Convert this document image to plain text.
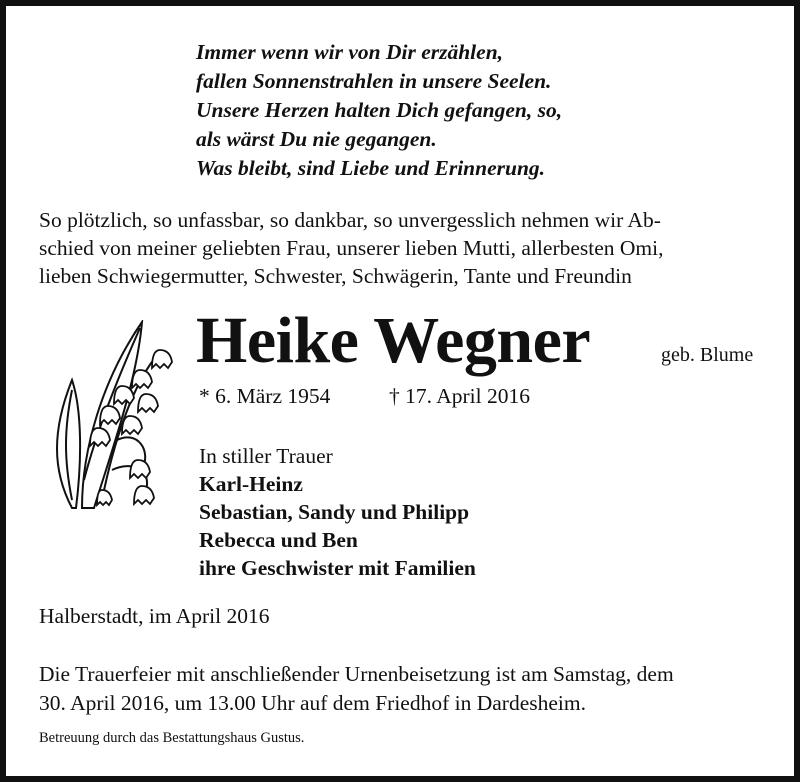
Immer wenn wir von Dir erzählen,
fallen Sonnenstrahlen in unsere Seelen.
Unsere Herzen halten Dich gefangen, so,
als wärst Du nie gegangen.
Was bleibt, sind Liebe und Erinnerung.
So plötzlich, so unfassbar, so dankbar, so unvergesslich nehmen wir Ab-
schied von meiner geliebten Frau, unserer lieben Mutti, allerbesten Omi,
lieben Schwiegermutter, Schwester, Schwägerin, Tante und Freundin
Heike Wegner	geb. Blume
* 6. März 1954	† 17. April 2016
In stiller Trauer
Karl-Heinz
Sebastian, Sandy und Philipp
Rebecca und Ben
ihre Geschwister mit Familien
Halberstadt, im April 2016
Die Trauerfeier mit anschließender Urnenbeisetzung ist am Samstag, dem
30. April 2016, um 13.00 Uhr auf dem Friedhof in Dardesheim.
Betreuung durch das Bestattungshaus Gustus.
